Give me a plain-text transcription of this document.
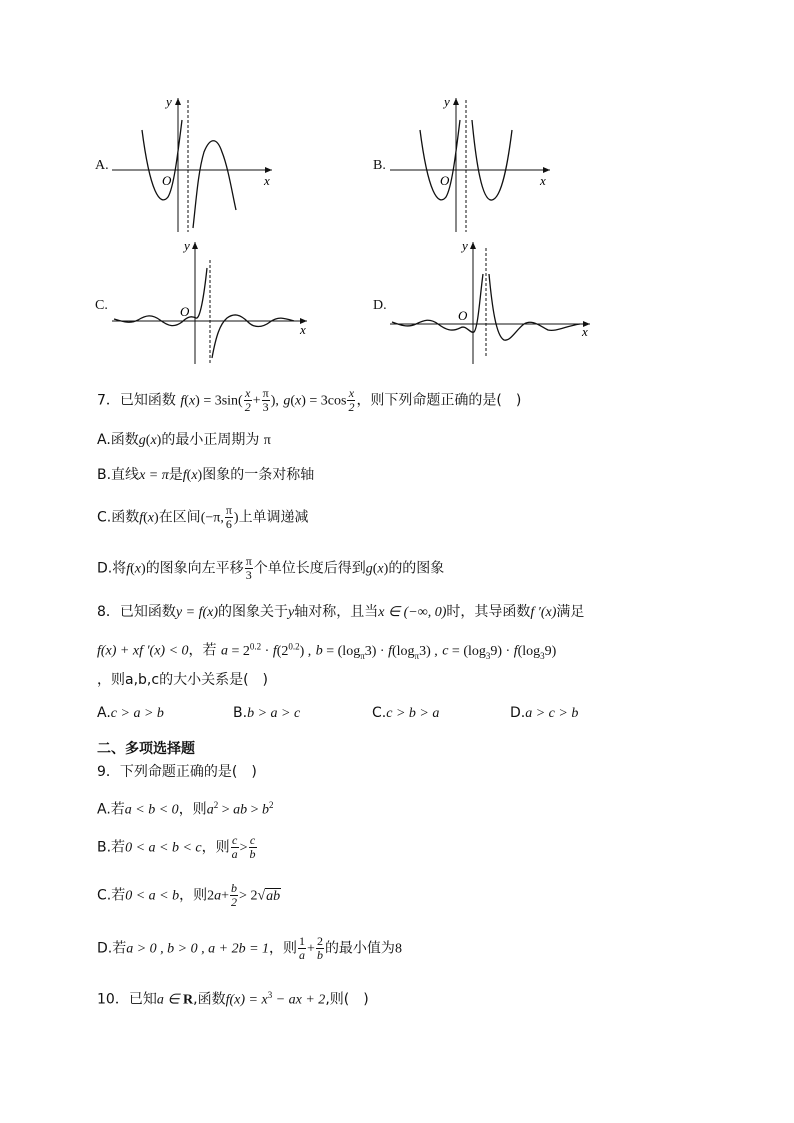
A.
y
x
O
B.
y
x
O
C.
y
x
O	D.
y
x
O
7．已知函数 $f(x) = 3\sin( \frac{x}{2} + \frac{\pi}{3}$ ), $g(x) = 3\cos \frac{x}{2}$ ，则下列命题正确的是(　)
A.函数g(x)的最小正周期为 π
B.直线x = π是f(x)图象的一条对称轴
C.函数f(x)在区间(−π, $\frac{\pi}{6}$ )上单调递减
D.将f(x)的图象向左平移 $\frac{\pi}{3}$ 个单位长度后得到g(x)的的图象
8．已知函数y = f(x)的图象关于y轴对称，且当x ∈ (−∞, 0)时，其导函数f ′(x)满足
f(x) + xf ′(x) < 0，若 $a = 2^{0.2} \cdot f(2^{0.2})$ , $b = (\log_\pi 3) \cdot f(\log_\pi 3)$ , $c = (\log_39) \cdot f(\log_39)$
，则a,b,c的大小关系是(　)
A.c > a > b	B.b > a > c	C.c > b > a	D.a > c > b
二、多项选择题
9．下列命题正确的是(　)
A.若a < b < 0，则$a^2$ > ab > $b^2$
B.若0 < a < b < c，则 $\frac{c}{a} > \frac{c}{b}$
C.若0 < a < b，则$2a+ \frac{b}{2} > 2√ab$
D.若a > 0 , b > 0 , a + 2b = 1，则 $\frac{1}{a} + \frac{2}{b}$ 的最小值为8
10．已知a ∈ R,函数$f(x) = x^3$ − ax + 2,则(　)
